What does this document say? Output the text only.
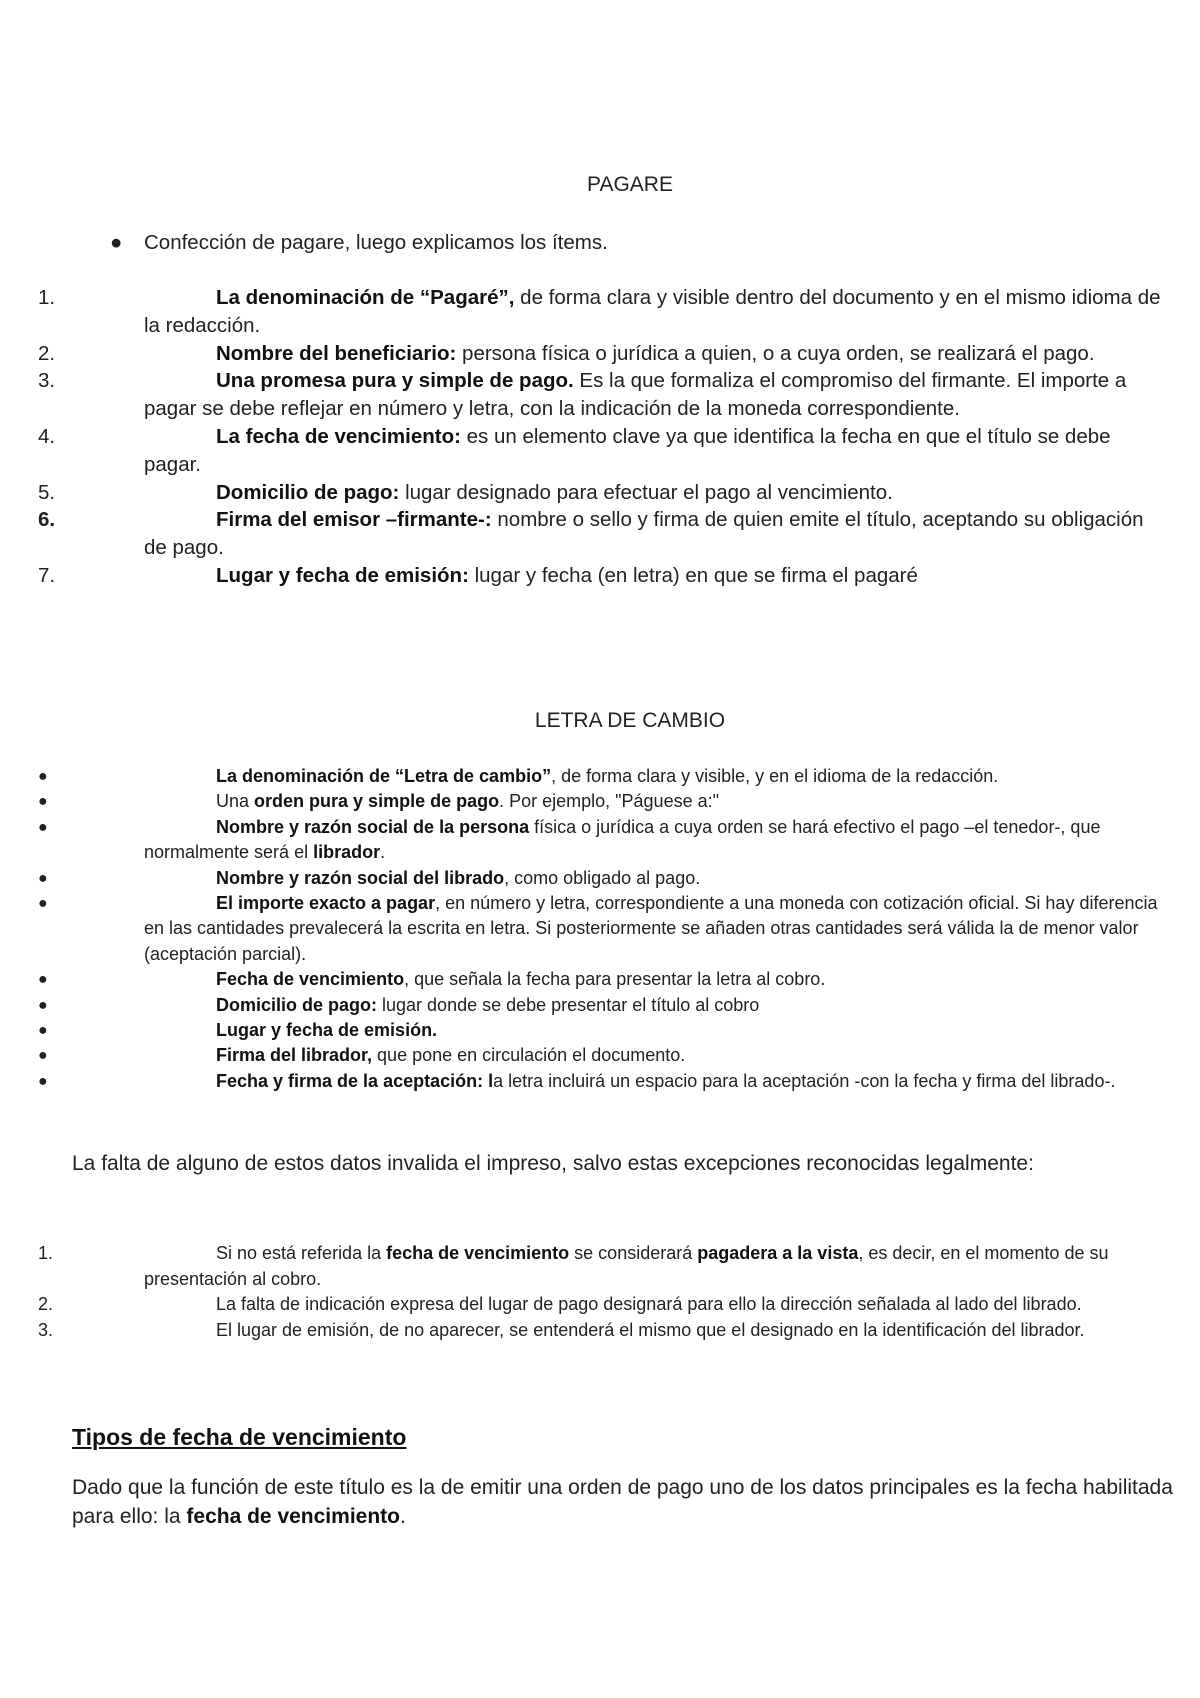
PAGARE
● Confección de pagare, luego explicamos los ítems.
1.	La denominación de “Pagaré”, de forma clara y visible dentro del documento y en el mismo idioma de la redacción.
2.	Nombre del beneficiario: persona física o jurídica a quien, o a cuya orden, se realizará el pago.
3.	Una promesa pura y simple de pago. Es la que formaliza el compromiso del firmante. El importe a pagar se debe reflejar en número y letra, con la indicación de la moneda correspondiente.
4.	La fecha de vencimiento: es un elemento clave ya que identifica la fecha en que el título se debe pagar.
5.	Domicilio de pago: lugar designado para efectuar el pago al vencimiento.
6.	Firma del emisor –firmante-: nombre o sello y firma de quien emite el título, aceptando su obligación de pago.
7.	Lugar y fecha de emisión: lugar y fecha (en letra) en que se firma el pagaré
LETRA DE CAMBIO
●	La denominación de “Letra de cambio”, de forma clara y visible, y en el idioma de la redacción.
●	Una orden pura y simple de pago. Por ejemplo, "Páguese a:"
●	Nombre y razón social de la persona física o jurídica a cuya orden se hará efectivo el pago –el tenedor-, que normalmente será el librador.
●	Nombre y razón social del librado, como obligado al pago.
●	El importe exacto a pagar, en número y letra, correspondiente a una moneda con cotización oficial. Si hay diferencia en las cantidades prevalecerá la escrita en letra. Si posteriormente se añaden otras cantidades será válida la de menor valor (aceptación parcial).
●	Fecha de vencimiento, que señala la fecha para presentar la letra al cobro.
●	Domicilio de pago: lugar donde se debe presentar el título al cobro
●	Lugar y fecha de emisión.
●	Firma del librador, que pone en circulación el documento.
●	Fecha y firma de la aceptación: la letra incluirá un espacio para la aceptación -con la fecha y firma del librado-.

La falta de alguno de estos datos invalida el impreso, salvo estas excepciones reconocidas legalmente:

1.	Si no está referida la fecha de vencimiento se considerará pagadera a la vista, es decir, en el momento de su presentación al cobro.
2.	La falta de indicación expresa del lugar de pago designará para ello la dirección señalada al lado del librado.
3.	El lugar de emisión, de no aparecer, se entenderá el mismo que el designado en la identificación del librador.
Tipos de fecha de vencimiento

Dado que la función de este título es la de emitir una orden de pago uno de los datos principales es la fecha habilitada para ello: la fecha de vencimiento.
